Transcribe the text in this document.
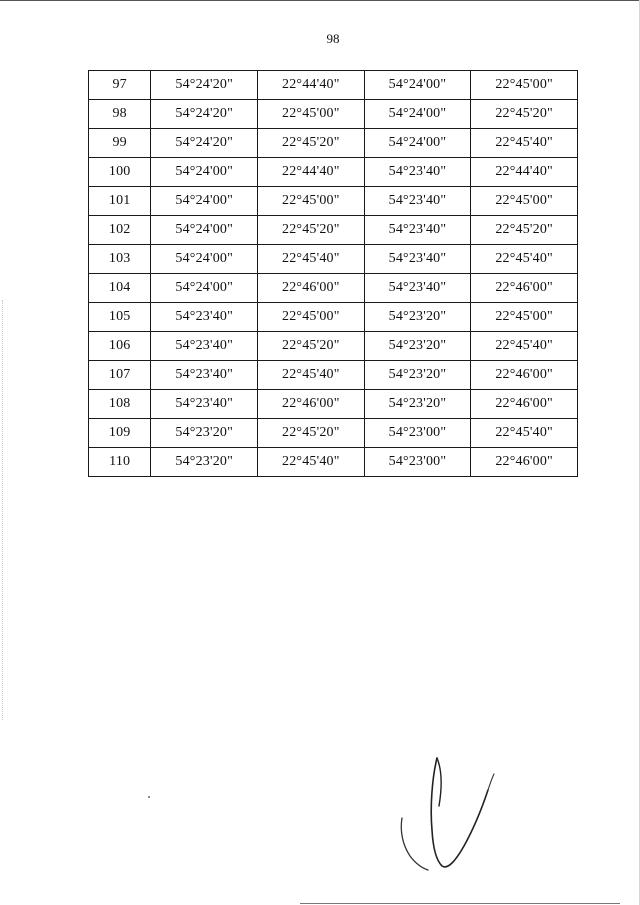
98
97	54°24'20"	22°44'40"	54°24'00"	22°45'00"
98	54°24'20"	22°45'00"	54°24'00"	22°45'20"
99	54°24'20"	22°45'20"	54°24'00"	22°45'40"
100	54°24'00"	22°44'40"	54°23'40"	22°44'40"
101	54°24'00"	22°45'00"	54°23'40"	22°45'00"
102	54°24'00"	22°45'20"	54°23'40"	22°45'20"
103	54°24'00"	22°45'40"	54°23'40"	22°45'40"
104	54°24'00"	22°46'00"	54°23'40"	22°46'00"
105	54°23'40"	22°45'00"	54°23'20"	22°45'00"
106	54°23'40"	22°45'20"	54°23'20"	22°45'40"
107	54°23'40"	22°45'40"	54°23'20"	22°46'00"
108	54°23'40"	22°46'00"	54°23'20"	22°46'00"
109	54°23'20"	22°45'20"	54°23'00"	22°45'40"
110	54°23'20"	22°45'40"	54°23'00"	22°46'00"
